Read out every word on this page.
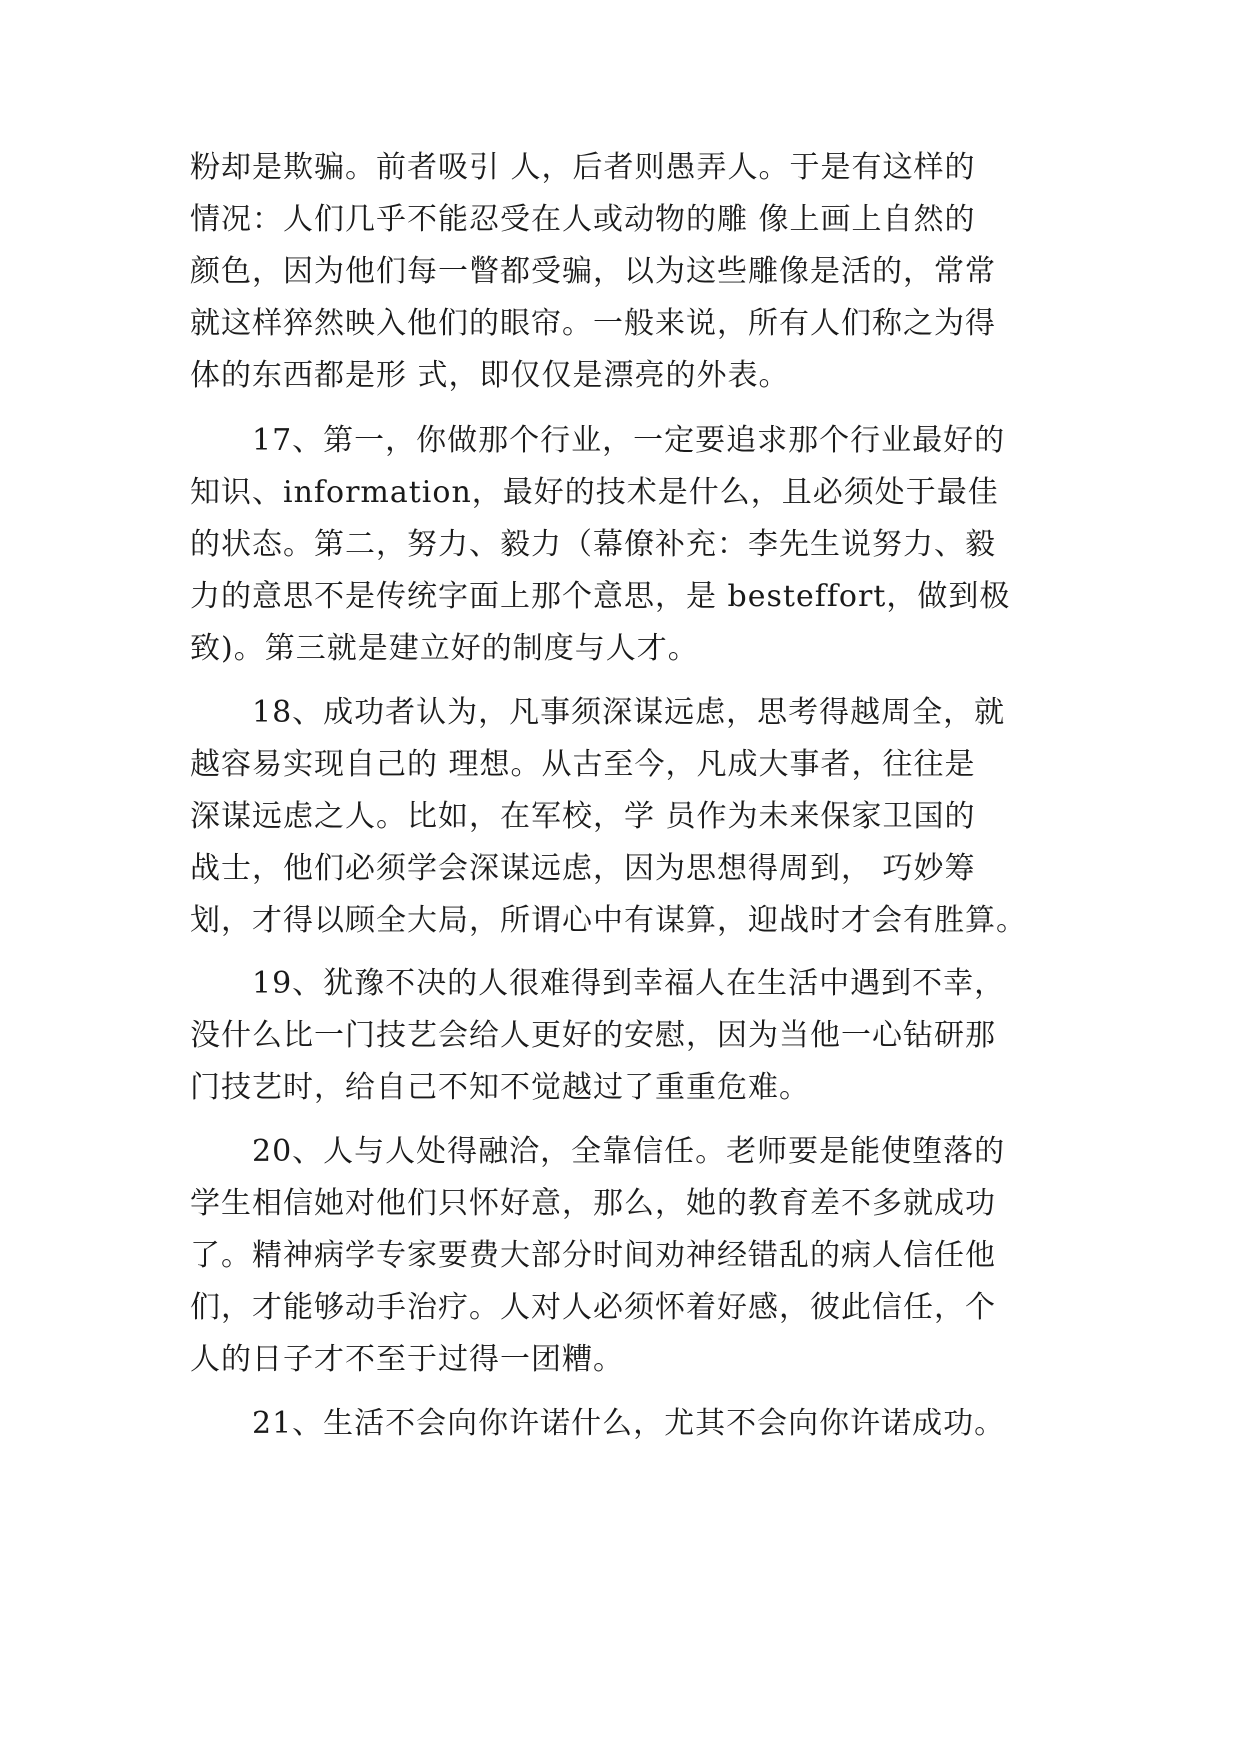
粉却是欺骗。前者吸引 人，后者则愚弄人。于是有这样的

情况：人们几乎不能忍受在人或动物的雕 像上画上自然的

颜色，因为他们每一瞥都受骗，以为这些雕像是活的，常常

就这样猝然映入他们的眼帘。一般来说，所有人们称之为得

体的东西都是形 式，即仅仅是漂亮的外表。

17、第一，你做那个行业，一定要追求那个行业最好的

知识、information，最好的技术是什么，且必须处于最佳

的状态。第二，努力、毅力（幕僚补充：李先生说努力、毅

力的意思不是传统字面上那个意思，是 besteffort，做到极

致)。第三就是建立好的制度与人才。

18、成功者认为，凡事须深谋远虑，思考得越周全，就

越容易实现自己的 理想。从古至今，凡成大事者，往往是

深谋远虑之人。比如，在军校，学 员作为未来保家卫国的

战士，他们必须学会深谋远虑，因为思想得周到， 巧妙筹

划，才得以顾全大局，所谓心中有谋算，迎战时才会有胜算。

19、犹豫不决的人很难得到幸福人在生活中遇到不幸，

没什么比一门技艺会给人更好的安慰，因为当他一心钻研那

门技艺时，给自己不知不觉越过了重重危难。

20、人与人处得融洽，全靠信任。老师要是能使堕落的

学生相信她对他们只怀好意，那么，她的教育差不多就成功

了。精神病学专家要费大部分时间劝神经错乱的病人信任他

们，才能够动手治疗。人对人必须怀着好感，彼此信任，个

人的日子才不至于过得一团糟。

21、生活不会向你许诺什么，尤其不会向你许诺成功。
